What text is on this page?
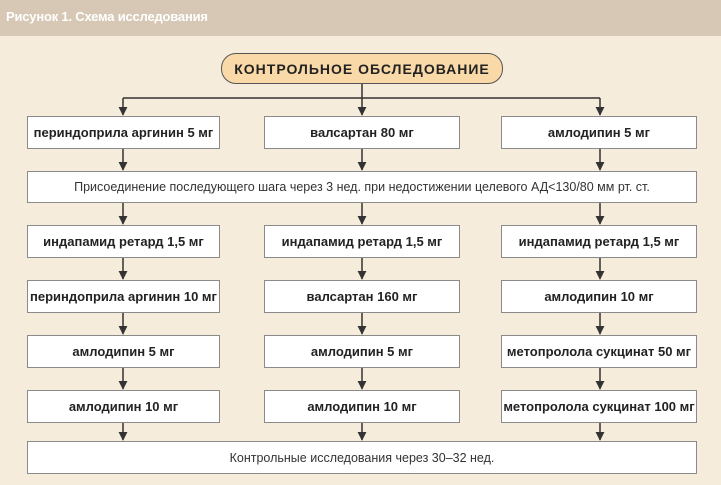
Рисунок 1. Схема исследования
КОНТРОЛЬНОЕ ОБСЛЕДОВАНИЕ
периндоприла аргинин 5 мг	валсартан 80 мг	амлодипин 5 мг
Присоединение последующего шага через 3 нед. при недостижении целевого АД<130/80 мм рт. ст.
индапамид ретард 1,5 мг	индапамид ретард 1,5 мг	индапамид ретард 1,5 мг
периндоприла аргинин 10 мг	валсартан 160 мг	амлодипин 10 мг
амлодипин 5 мг	амлодипин 5 мг	метопролола сукцинат 50 мг
амлодипин 10 мг	амлодипин 10 мг	метопролола сукцинат 100 мг
Контрольные исследования через 30–32 нед.
